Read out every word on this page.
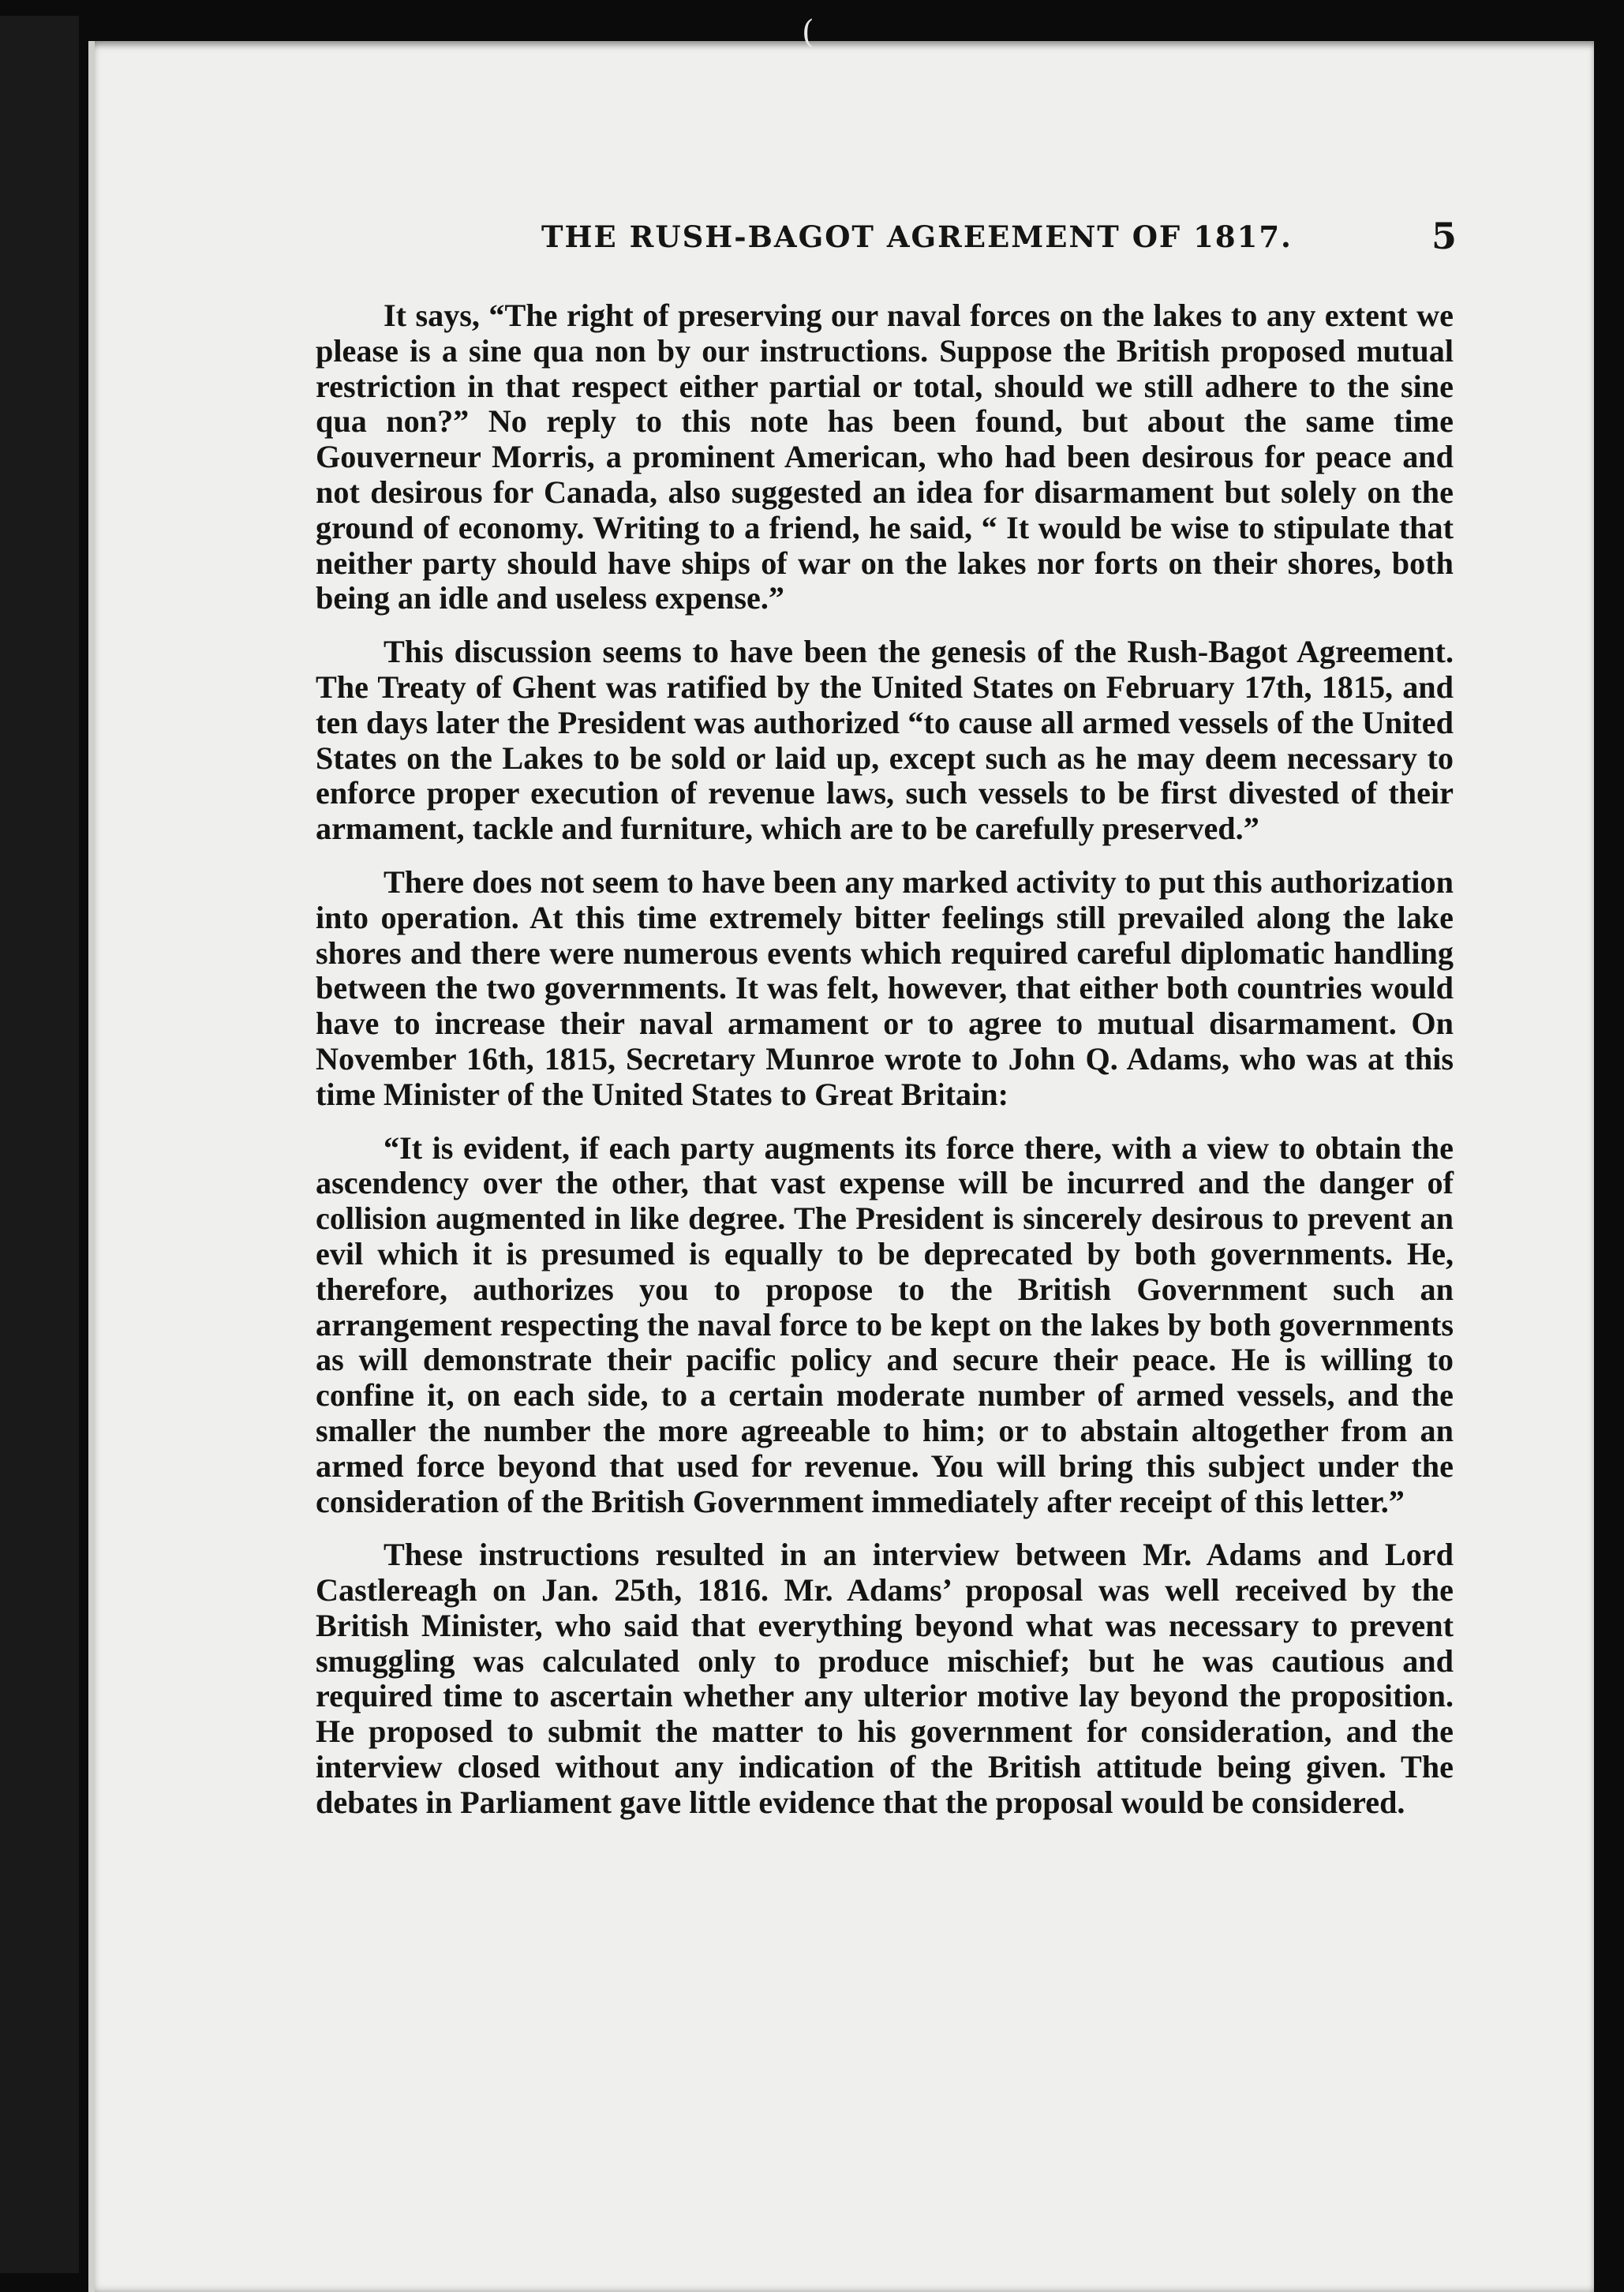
(
THE RUSH-BAGOT AGREEMENT OF 1817.	5

It says, “The right of preserving our naval forces on the lakes to any extent we please is a sine qua non by our instructions. Suppose the British proposed mutual restriction in that respect either partial or total, should we still adhere to the sine qua non?” No reply to this note has been found, but about the same time Gouverneur Morris, a prominent American, who had been desirous for peace and not desirous for Canada, also suggested an idea for disarmament but solely on the ground of economy. Writing to a friend, he said, “ It would be wise to stipulate that neither party should have ships of war on the lakes nor forts on their shores, both being an idle and useless expense.”

This discussion seems to have been the genesis of the Rush-Bagot Agreement. The Treaty of Ghent was ratified by the United States on February 17th, 1815, and ten days later the President was authorized “to cause all armed vessels of the United States on the Lakes to be sold or laid up, except such as he may deem necessary to enforce proper execution of revenue laws, such vessels to be first divested of their armament, tackle and furniture, which are to be carefully preserved.”

There does not seem to have been any marked activity to put this authorization into operation. At this time extremely bitter feelings still prevailed along the lake shores and there were numerous events which required careful diplomatic handling between the two governments. It was felt, however, that either both countries would have to increase their naval armament or to agree to mutual disarmament. On November 16th, 1815, Secretary Munroe wrote to John Q. Adams, who was at this time Minister of the United States to Great Britain:

“It is evident, if each party augments its force there, with a view to obtain the ascendency over the other, that vast expense will be incurred and the danger of collision augmented in like degree. The President is sincerely desirous to prevent an evil which it is presumed is equally to be deprecated by both governments. He, therefore, authorizes you to propose to the British Government such an arrangement respecting the naval force to be kept on the lakes by both governments as will demonstrate their pacific policy and secure their peace. He is willing to confine it, on each side, to a certain moderate number of armed vessels, and the smaller the number the more agreeable to him; or to abstain altogether from an armed force beyond that used for revenue. You will bring this subject under the consideration of the British Government immediately after receipt of this letter.”

These instructions resulted in an interview between Mr. Adams and Lord Castlereagh on Jan. 25th, 1816. Mr. Adams’ proposal was well received by the British Minister, who said that everything beyond what was necessary to prevent smuggling was calculated only to produce mischief; but he was cautious and required time to ascertain whether any ulterior motive lay beyond the proposition. He proposed to submit the matter to his government for consideration, and the interview closed without any indication of the British attitude being given. The debates in Parliament gave little evidence that the proposal would be considered.
